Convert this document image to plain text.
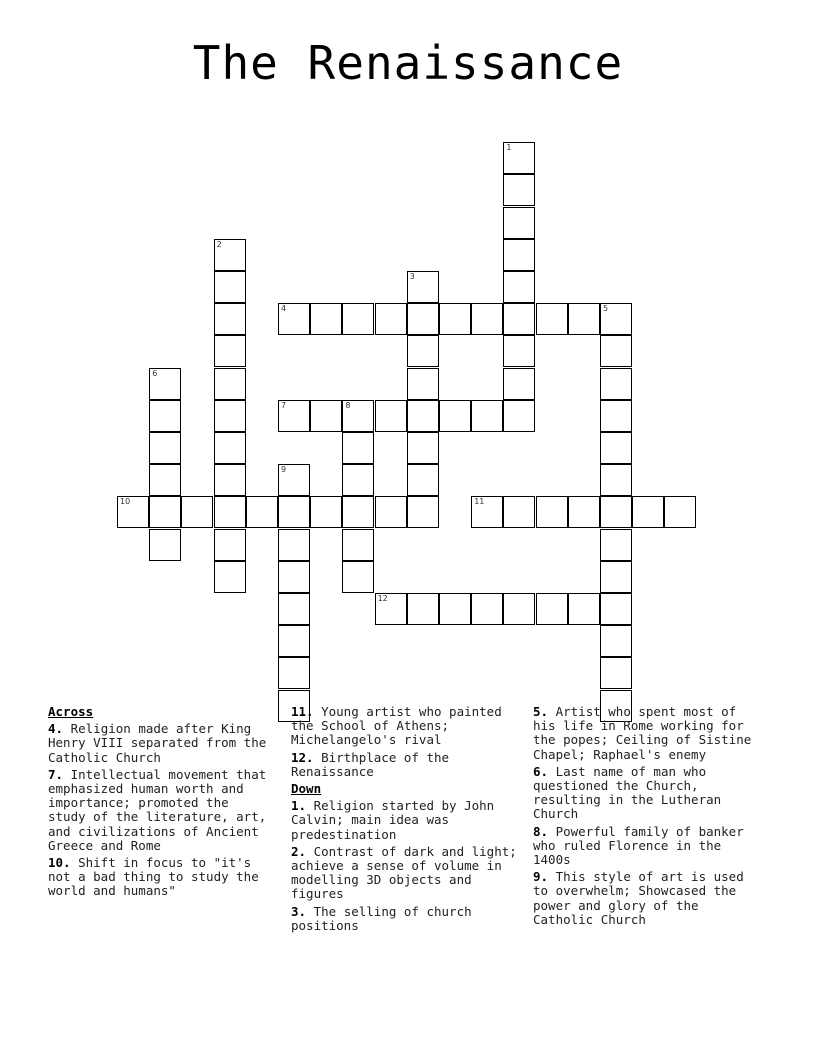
The Renaissance
1
2
3
4	5
6
7	8
9
10	11
12
Across
4. Religion made after King Henry VIII separated from the Catholic Church
7. Intellectual movement that emphasized human worth and importance; promoted the study of the literature, art, and civilizations of Ancient Greece and Rome
10. Shift in focus to "it's not a bad thing to study the world and humans"
11. Young artist who painted the School of Athens; Michelangelo's rival
12. Birthplace of the Renaissance
Down
1. Religion started by John Calvin; main idea was predestination
2. Contrast of dark and light; achieve a sense of volume in modelling 3D objects and figures
3. The selling of church positions
5. Artist who spent most of his life in Rome working for the popes; Ceiling of Sistine Chapel; Raphael's enemy
6. Last name of man who questioned the Church, resulting in the Lutheran Church
8. Powerful family of banker who ruled Florence in the 1400s
9. This style of art is used to overwhelm; Showcased the power and glory of the Catholic Church
